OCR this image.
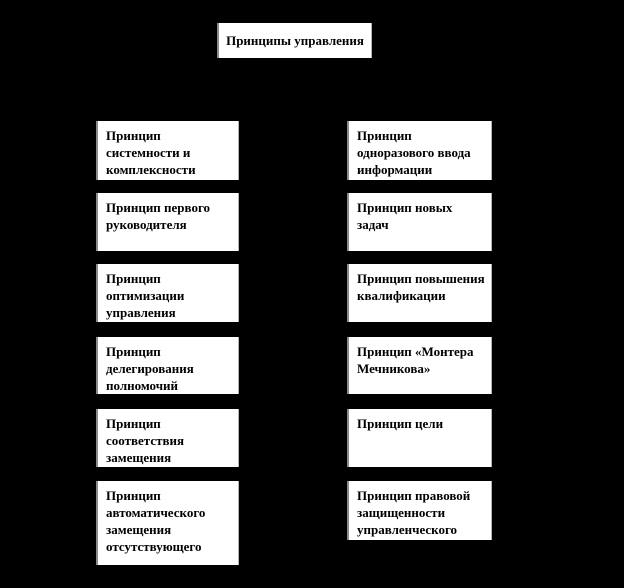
Принципы управления
Принцип системности и комплексности
Принцип первого руководителя
Принцип оптимизации управления
Принцип делегирования полномочий
Принцип соответствия замещения
Принцип автоматического замещения отсутствующего
Принцип одноразового ввода информации
Принцип новых задач
Принцип повышения квалификации
Принцип «Монтера Мечникова»
Принцип цели
Принцип правовой защищенности управленческого
